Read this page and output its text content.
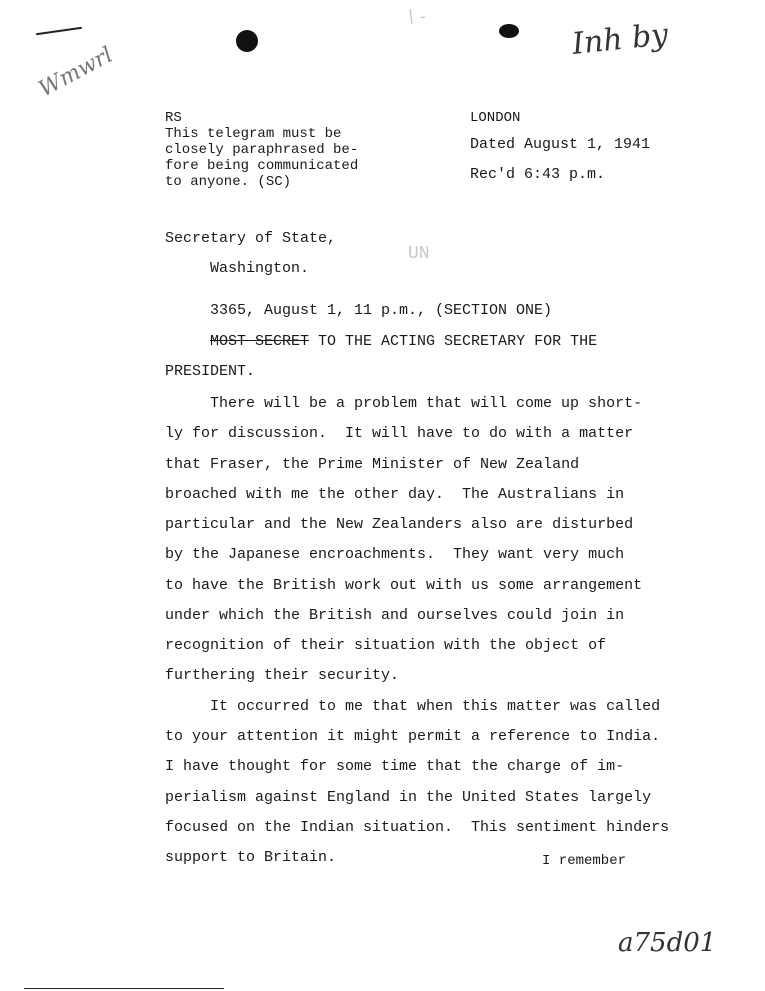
Inh by
Wmwrl
\ -
a75d01
RS
This telegram must be
closely paraphrased be-
fore being communicated
to anyone. (SC)
LONDON
Dated August 1, 1941
Rec'd 6:43 p.m.
Secretary of State,
Washington.
UN
3365, August 1, 11 p.m., (SECTION ONE)
MOST SECRET TO THE ACTING SECRETARY FOR THE
PRESIDENT.
There will be a problem that will come up short-
ly for discussion.  It will have to do with a matter
that Fraser, the Prime Minister of New Zealand
broached with me the other day.  The Australians in
particular and the New Zealanders also are disturbed
by the Japanese encroachments.  They want very much
to have the British work out with us some arrangement
under which the British and ourselves could join in
recognition of their situation with the object of
furthering their security.
It occurred to me that when this matter was called
to your attention it might permit a reference to India.
I have thought for some time that the charge of im-
perialism against England in the United States largely
focused on the Indian situation.  This sentiment hinders
support to Britain.	I remember
